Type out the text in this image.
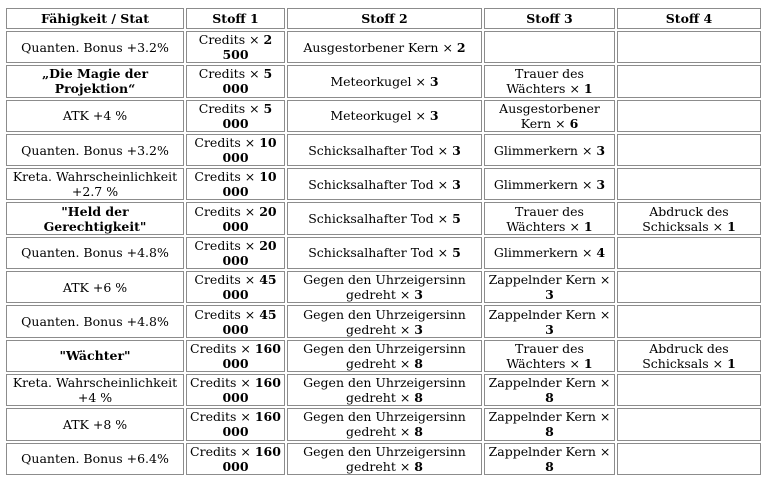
Fähigkeit / Stat	Stoff 1	Stoff 2	Stoff 3	Stoff 4
Quanten. Bonus +3.2%	Credits × 2 500	Ausgestorbener Kern × 2		
„Die Magie der Projektion“	Credits × 5 000	Meteorkugel × 3	Trauer des Wächters × 1	
ATK +4 %	Credits × 5 000	Meteorkugel × 3	Ausgestorbener Kern × 6	
Quanten. Bonus +3.2%	Credits × 10 000	Schicksalhafter Tod × 3	Glimmerkern × 3	
Kreta. Wahrscheinlichkeit +2.7 %	Credits × 10 000	Schicksalhafter Tod × 3	Glimmerkern × 3	
"Held der Gerechtigkeit"	Credits × 20 000	Schicksalhafter Tod × 5	Trauer des Wächters × 1	Abdruck des Schicksals × 1
Quanten. Bonus +4.8%	Credits × 20 000	Schicksalhafter Tod × 5	Glimmerkern × 4	
ATK +6 %	Credits × 45 000	Gegen den Uhrzeigersinn gedreht × 3	Zappelnder Kern × 3	
Quanten. Bonus +4.8%	Credits × 45 000	Gegen den Uhrzeigersinn gedreht × 3	Zappelnder Kern × 3	
"Wächter"	Credits × 160 000	Gegen den Uhrzeigersinn gedreht × 8	Trauer des Wächters × 1	Abdruck des Schicksals × 1
Kreta. Wahrscheinlichkeit +4 %	Credits × 160 000	Gegen den Uhrzeigersinn gedreht × 8	Zappelnder Kern × 8	
ATK +8 %	Credits × 160 000	Gegen den Uhrzeigersinn gedreht × 8	Zappelnder Kern × 8	
Quanten. Bonus +6.4%	Credits × 160 000	Gegen den Uhrzeigersinn gedreht × 8	Zappelnder Kern × 8	
